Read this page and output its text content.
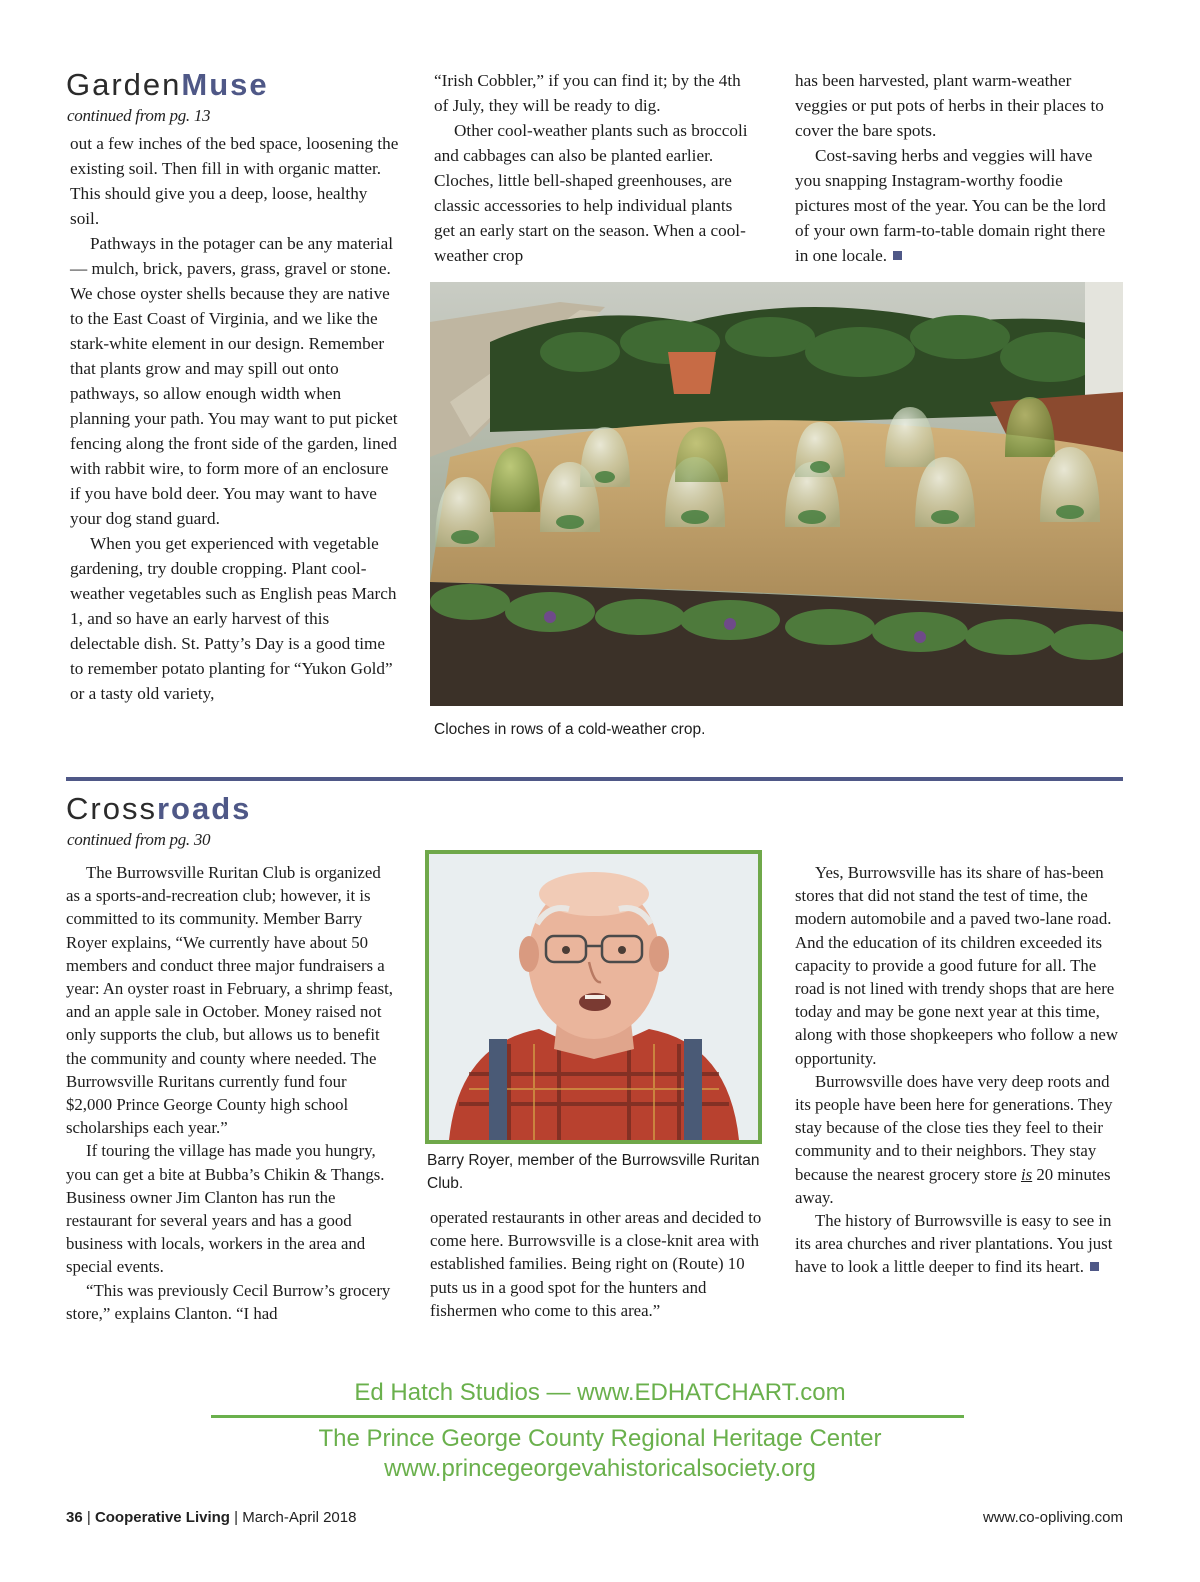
GardenMuse
continued from pg. 13

out a few inches of the bed space, loosening the existing soil. Then fill in with organic matter. This should give you a deep, loose, healthy soil.

Pathways in the potager can be any material — mulch, brick, pavers, grass, gravel or stone. We chose oyster shells because they are native to the East Coast of Virginia, and we like the stark-white element in our design. Remember that plants grow and may spill out onto pathways, so allow enough width when planning your path. You may want to put picket fencing along the front side of the garden, lined with rabbit wire, to form more of an enclosure if you have bold deer. You may want to have your dog stand guard.

When you get experienced with vegetable gardening, try double cropping. Plant cool-weather vegetables such as English peas March 1, and so have an early harvest of this delectable dish. St. Patty’s Day is a good time to remember potato planting for “Yukon Gold” or a tasty old variety,

“Irish Cobbler,” if you can find it; by the 4th of July, they will be ready to dig.

Other cool-weather plants such as broccoli and cabbages can also be planted earlier. Cloches, little bell-shaped greenhouses, are classic accessories to help individual plants get an early start on the season. When a cool-weather crop

has been harvested, plant warm-weather veggies or put pots of herbs in their places to cover the bare spots.

Cost-saving herbs and veggies will have you snapping Instagram-worthy foodie pictures most of the year. You can be the lord of your own farm-to-table domain right there in one locale.

Cloches in rows of a cold-weather crop.
Crossroads
continued from pg. 30

The Burrowsville Ruritan Club is organized as a sports-and-recreation club; however, it is committed to its community. Member Barry Royer explains, “We currently have about 50 members and conduct three major fundraisers a year: An oyster roast in February, a shrimp feast, and an apple sale in October. Money raised not only supports the club, but allows us to benefit the community and county where needed. The Burrowsville Ruritans currently fund four $2,000 Prince George County high school scholarships each year.”

If touring the village has made you hungry, you can get a bite at Bubba’s Chikin & Thangs. Business owner Jim Clanton has run the restaurant for several years and has a good business with locals, workers in the area and special events.

“This was previously Cecil Burrow’s grocery store,” explains Clanton. “I had

Barry Royer, member of the Burrowsville Ruritan Club.

operated restaurants in other areas and decided to come here. Burrowsville is a close-knit area with established families. Being right on (Route) 10 puts us in a good spot for the hunters and fishermen who come to this area.”

Yes, Burrowsville has its share of has-been stores that did not stand the test of time, the modern automobile and a paved two-lane road. And the education of its children exceeded its capacity to provide a good future for all. The road is not lined with trendy shops that are here today and may be gone next year at this time, along with those shopkeepers who follow a new opportunity.

Burrowsville does have very deep roots and its people have been here for generations. They stay because of the close ties they feel to their community and to their neighbors. They stay because the nearest grocery store is 20 minutes away.

The history of Burrowsville is easy to see in its area churches and river plantations. You just have to look a little deeper to find its heart.

Ed Hatch Studios — www.EDHATCHART.com
The Prince George County Regional Heritage Center
www.princegeorgevahistoricalsociety.org
36 | Cooperative Living | March-April 2018	www.co-opliving.com
